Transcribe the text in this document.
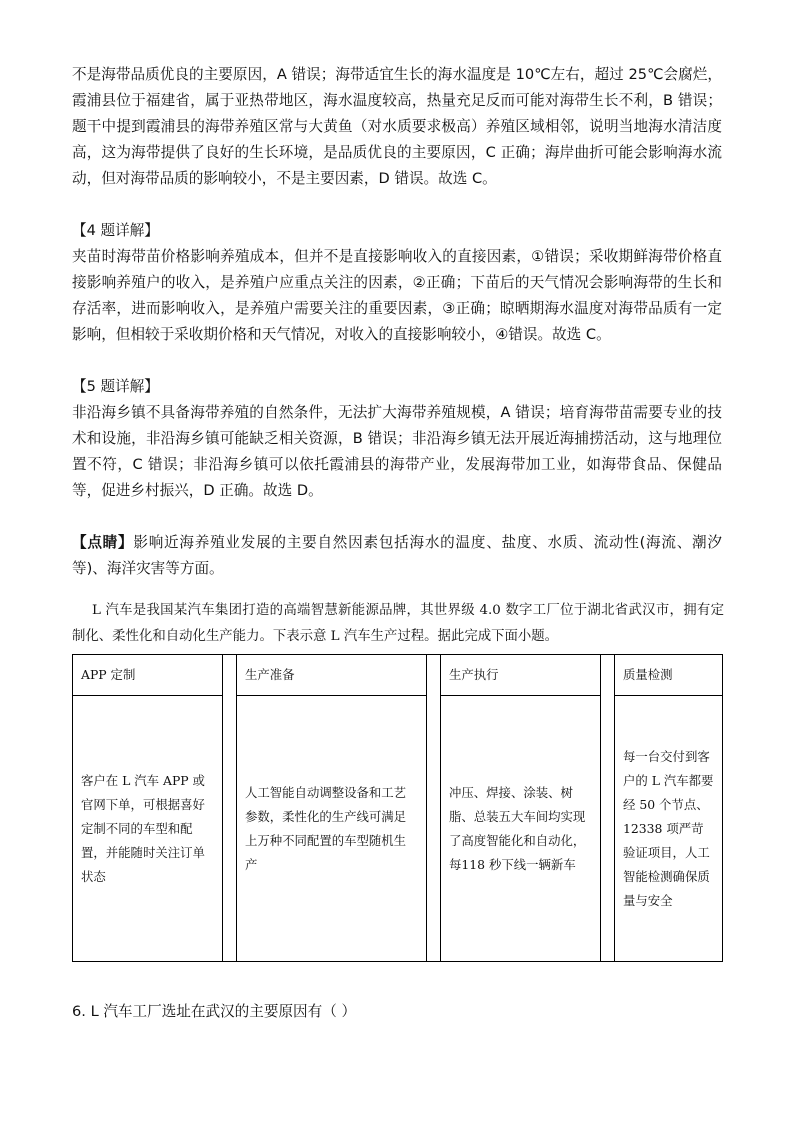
不是海带品质优良的主要原因，A 错误；海带适宜生长的海水温度是 10℃左右，超过 25℃会腐烂，霞浦县位于福建省，属于亚热带地区，海水温度较高，热量充足反而可能对海带生长不利，B 错误；题干中提到霞浦县的海带养殖区常与大黄鱼（对水质要求极高）养殖区域相邻，说明当地海水清洁度高，这为海带提供了良好的生长环境，是品质优良的主要原因，C 正确；海岸曲折可能会影响海水流动，但对海带品质的影响较小，不是主要因素，D 错误。故选 C。
【4 题详解】
夹苗时海带苗价格影响养殖成本，但并不是直接影响收入的直接因素，①错误；采收期鲜海带价格直接影响养殖户的收入，是养殖户应重点关注的因素，②正确；下苗后的天气情况会影响海带的生长和存活率，进而影响收入，是养殖户需要关注的重要因素，③正确；晾晒期海水温度对海带品质有一定影响，但相较于采收期价格和天气情况，对收入的直接影响较小，④错误。故选 C。
【5 题详解】
非沿海乡镇不具备海带养殖的自然条件，无法扩大海带养殖规模，A 错误；培育海带苗需要专业的技术和设施，非沿海乡镇可能缺乏相关资源，B 错误；非沿海乡镇无法开展近海捕捞活动，这与地理位置不符，C 错误；非沿海乡镇可以依托霞浦县的海带产业，发展海带加工业，如海带食品、保健品等，促进乡村振兴，D 正确。故选 D。
【点睛】影响近海养殖业发展的主要自然因素包括海水的温度、盐度、水质、流动性(海流、潮汐等)、海洋灾害等方面。
L 汽车是我国某汽车集团打造的高端智慧新能源品牌，其世界级 4.0 数字工厂位于湖北省武汉市，拥有定制化、柔性化和自动化生产能力。下表示意 L 汽车生产过程。据此完成下面小题。
APP 定制		生产准备		生产执行		质量检测
客户在 L 汽车 APP 或官网下单，可根据喜好定制不同的车型和配置，并能随时关注订单状态		人工智能自动调整设备和工艺参数，柔性化的生产线可满足上万种不同配置的车型随机生产		冲压、焊接、涂装、树脂、总装五大车间均实现了高度智能化和自动化，每118 秒下线一辆新车		每一台交付到客户的 L 汽车都要经 50 个节点、12338 项严苛验证项目，人工智能检测确保质量与安全
6. L 汽车工厂选址在武汉的主要原因有（ ）
